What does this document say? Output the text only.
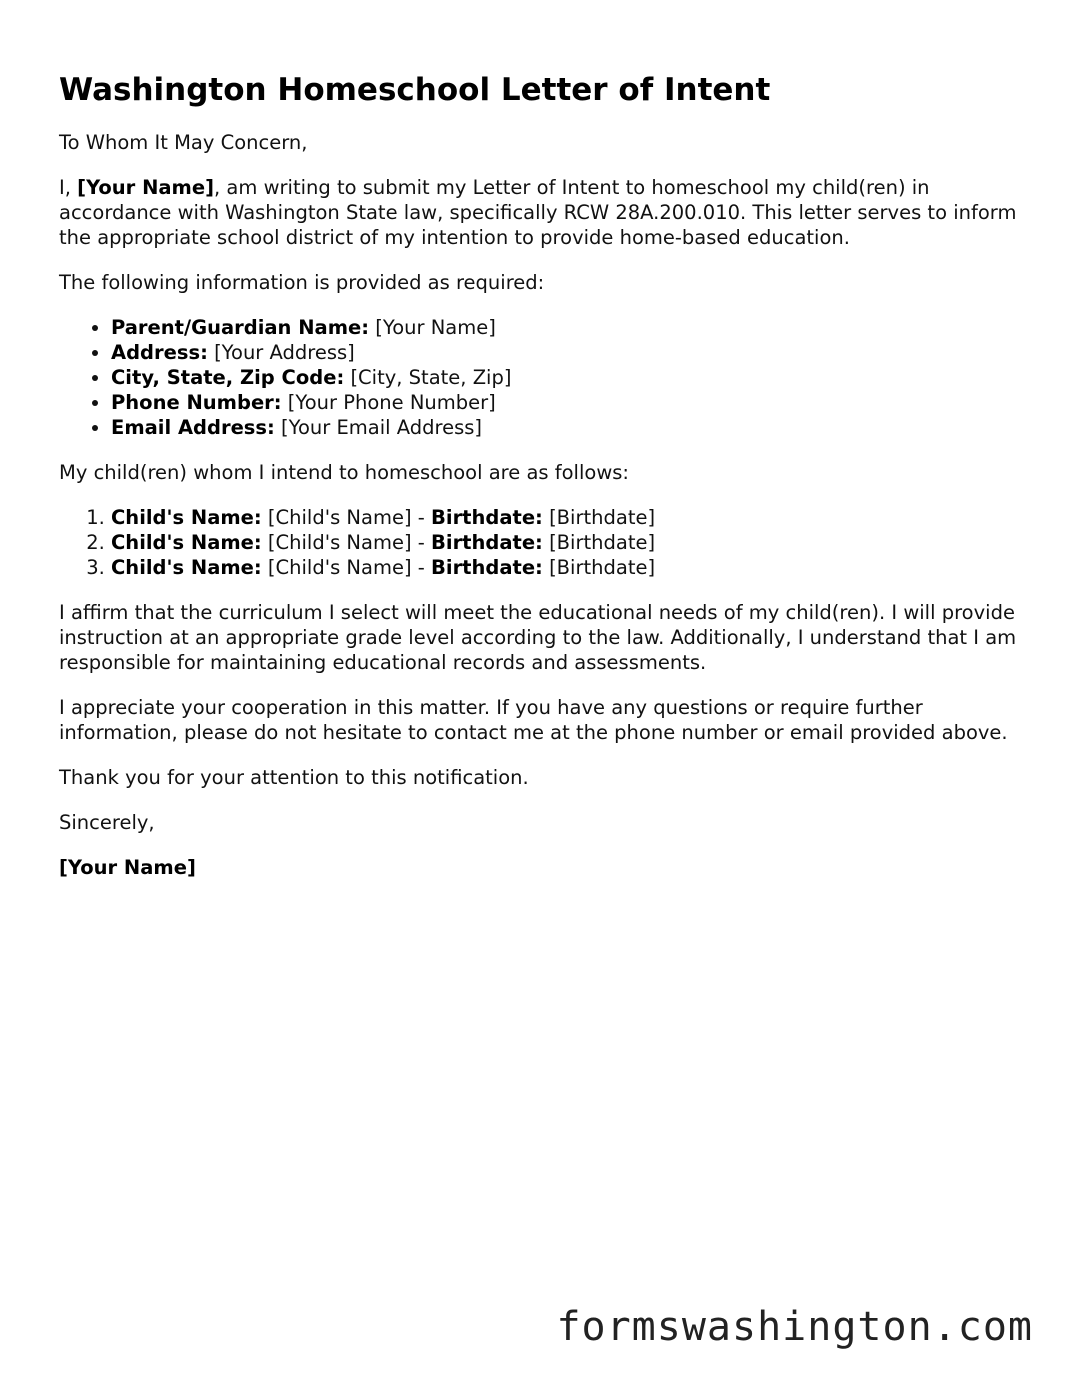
Washington Homeschool Letter of Intent

To Whom It May Concern,

I, [Your Name], am writing to submit my Letter of Intent to homeschool my child(ren) in accordance with Washington State law, specifically RCW 28A.200.010. This letter serves to inform the appropriate school district of my intention to provide home-based education.

The following information is provided as required:

• Parent/Guardian Name: [Your Name]
• Address: [Your Address]
• City, State, Zip Code: [City, State, Zip]
• Phone Number: [Your Phone Number]
• Email Address: [Your Email Address]

My child(ren) whom I intend to homeschool are as follows:

1. Child's Name: [Child's Name] - Birthdate: [Birthdate]
2. Child's Name: [Child's Name] - Birthdate: [Birthdate]
3. Child's Name: [Child's Name] - Birthdate: [Birthdate]

I affirm that the curriculum I select will meet the educational needs of my child(ren). I will provide instruction at an appropriate grade level according to the law. Additionally, I understand that I am responsible for maintaining educational records and assessments.

I appreciate your cooperation in this matter. If you have any questions or require further information, please do not hesitate to contact me at the phone number or email provided above.

Thank you for your attention to this notification.

Sincerely,

[Your Name]

formswashington.com
